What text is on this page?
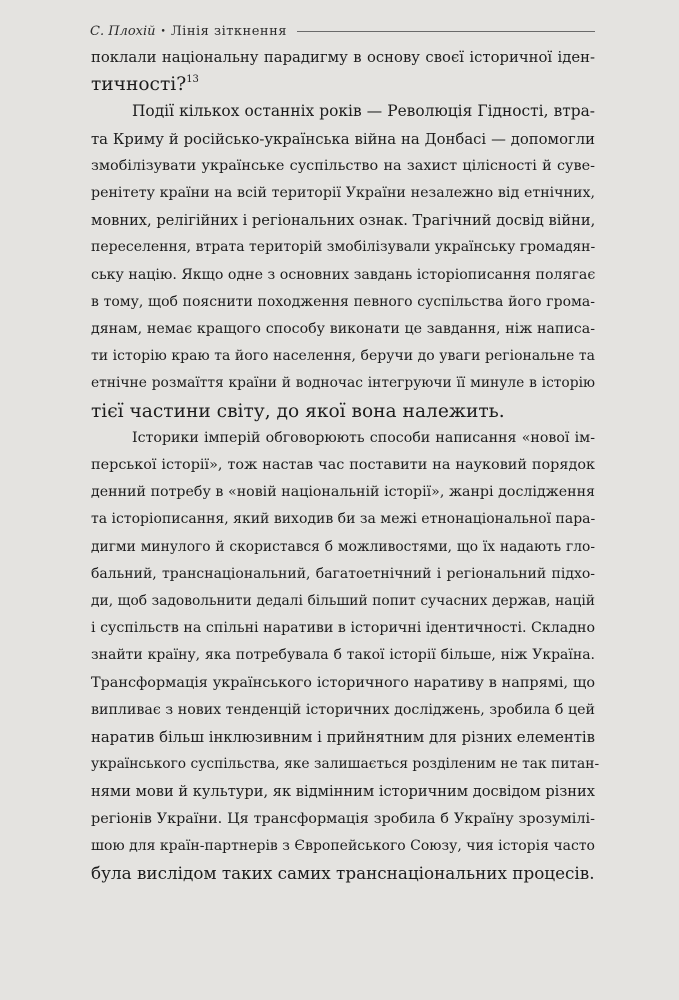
С. Плохій • Лінія зіткнення
поклали національну парадигму в основу своєї історичної іден-
тичності?$^{13}$
Події кількох останніх років — Революція Гідності, втра-
та Криму й російсько-українська війна на Донбасі — допомогли
змобілізувати українське суспільство на захист цілісності й суве-
ренітету країни на всій території України незалежно від етнічних,
мовних, релігійних і регіональних ознак. Трагічний досвід війни,
переселення, втрата територій змобілізували українську громадян-
ську націю. Якщо одне з основних завдань історіописання полягає
в тому, щоб пояснити походження певного суспільства його грома-
дянам, немає кращого способу виконати це завдання, ніж написа-
ти історію краю та його населення, беручи до уваги регіональне та
етнічне розмаїття країни й водночас інтегруючи її минуле в історію
тієї частини світу, до якої вона належить.
Історики імперій обговорюють способи написання «нової ім-
перської історії», тож настав час поставити на науковий порядок
денний потребу в «новій національній історії», жанрі дослідження
та історіописання, який виходив би за межі етнонаціональної пара-
дигми минулого й скористався б можливостями, що їх надають гло-
бальний, транснаціональний, багатоетнічний і регіональний підхо-
ди, щоб задовольнити дедалі більший попит сучасних держав, націй
і суспільств на спільні наративи в історичні ідентичності. Складно
знайти країну, яка потребувала б такої історії більше, ніж Україна.
Трансформація українського історичного наративу в напрямі, що
випливає з нових тенденцій історичних досліджень, зробила б цей
наратив більш інклюзивним і прийнятним для різних елементів
українського суспільства, яке залишається розділеним не так питан-
нями мови й культури, як відмінним історичним досвідом різних
регіонів України. Ця трансформація зробила б Україну зрозумілі-
шою для країн-партнерів з Європейського Союзу, чия історія часто
була вислідом таких самих транснаціональних процесів.
